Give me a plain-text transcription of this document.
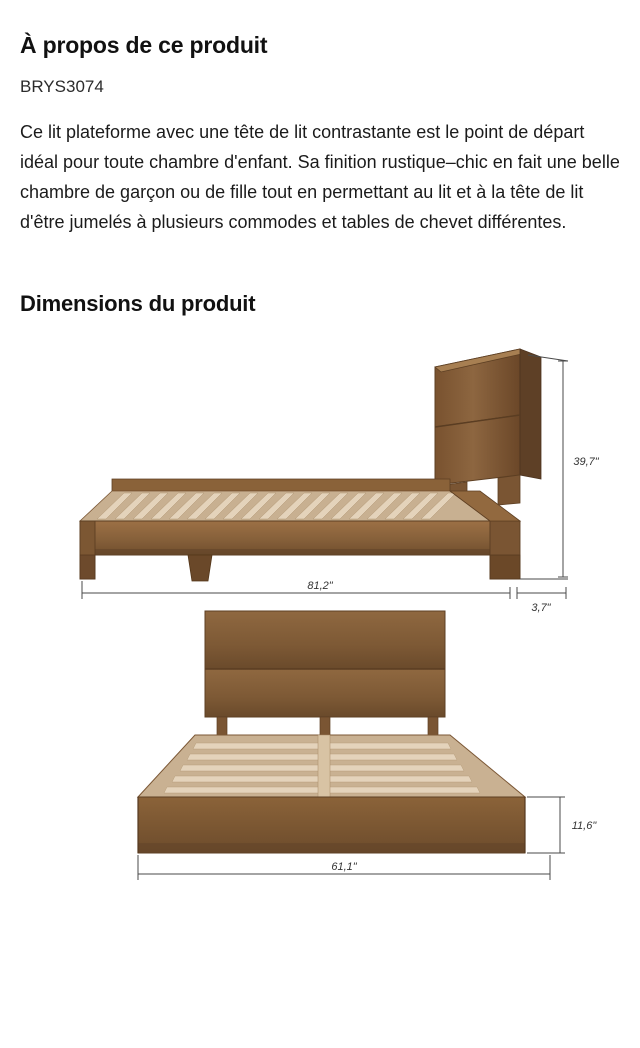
À propos de ce produit
BRYS3074

Ce lit plateforme avec une tête de lit contrastante est le point de départ idéal pour toute chambre d'enfant. Sa finition rustique–chic en fait une belle chambre de garçon ou de fille tout en permettant au lit et à la tête de lit d'être jumelés à plusieurs commodes et tables de chevet différentes.

Dimensions du produit
39,7"
81,2"
3,7"
11,6"
61,1"
